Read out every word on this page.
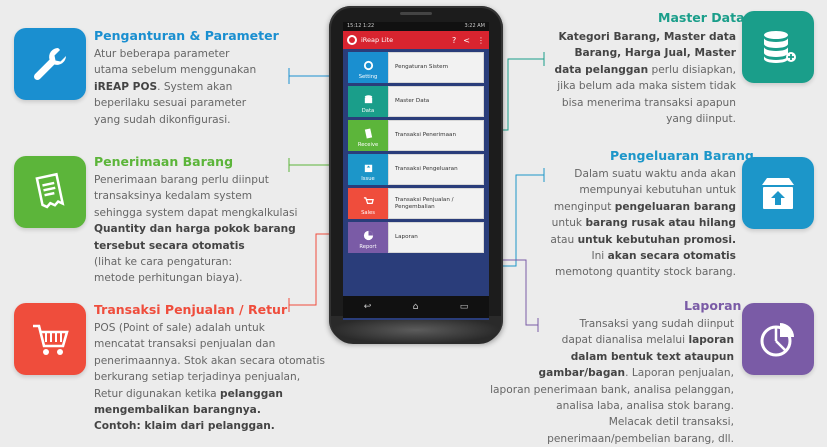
Penganturan & Parameter
Atur beberapa parameter
utama sebelum menggunakan
iREAP POS. System akan
beperilaku sesuai parameter
yang sudah dikonfigurasi.
Penerimaan Barang
Penerimaan barang perlu diinput
transaksinya kedalam system
sehingga system dapat mengkalkulasi
Quantity dan harga pokok barang
tersebut secara otomatis
(lihat ke cara pengaturan:
metode perhitungan biaya).
Transaksi Penjualan / Retur
POS (Point of sale) adalah untuk
mencatat transaksi penjualan dan
penerimaannya. Stok akan secara otomatis
berkurang setiap terjadinya penjualan,
Retur digunakan ketika pelanggan
mengembalikan barangnya.
Contoh: klaim dari pelanggan.
Master Data
Kategori Barang, Master data
Barang, Harga Jual, Master
data pelanggan perlu disiapkan,
jika belum ada maka sistem tidak
bisa menerima transaksi apapun
yang diinput.
Pengeluaran Barang
Dalam suatu waktu anda akan
mempunyai kebutuhan untuk
menginput pengeluaran barang
untuk barang rusak atau hilang
atau untuk kebutuhan promosi.
Ini akan secara otomatis
memotong quantity stock barang.
Laporan
Transaksi yang sudah diinput
dapat dianalisa melalui laporan
dalam bentuk text ataupun
gambar/bagan. Laporan penjualan,
laporan penerimaan bank, analisa pelanggan,
analisa laba, analisa stok barang.
Melacak detil transaksi,
penerimaan/pembelian barang, dll.
15:12 1:22	3:22 AM
iReap Lite	? < ⋮
Setting
Pengaturan Sistem
Data
Master Data
Receive
Transaksi Penerimaan
Issue
Transaksi Pengeluaran
Sales
Transaksi Penjualan / Pengembalian
Report
Laporan
↩	⌂	▭
